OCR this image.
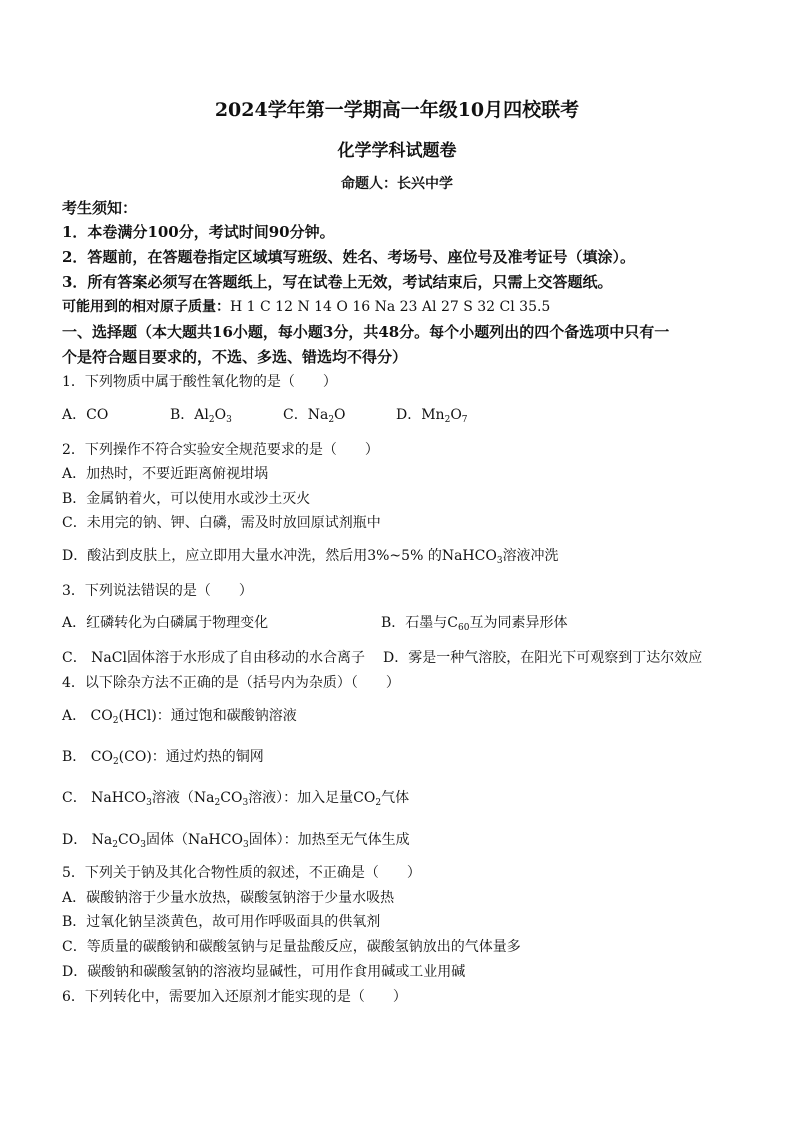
2024学年第一学期高一年级10月四校联考
化学学科试题卷
命题人：长兴中学
考生须知：
1．本卷满分100分，考试时间90分钟。
2．答题前，在答题卷指定区域填写班级、姓名、考场号、座位号及准考证号（填涂）。
3．所有答案必须写在答题纸上，写在试卷上无效，考试结束后，只需上交答题纸。
可能用到的相对原子质量：H 1 C 12 N 14 O 16 Na 23 Al 27 S 32 Cl 35.5
一、选择题（本大题共16小题，每小题3分，共48分。每个小题列出的四个备选项中只有一
个是符合题目要求的，不选、多选、错选均不得分）
1．下列物质中属于酸性氧化物的是（　　）
A．CO	B．$Al_2O_3$	C．$Na_2O$	D．$Mn_2O_7$
2．下列操作不符合实验安全规范要求的是（　　）
A．加热时，不要近距离俯视坩埚
B．金属钠着火，可以使用水或沙土灭火
C．未用完的钠、钾、白磷，需及时放回原试剂瓶中
D．酸沾到皮肤上，应立即用大量水冲洗，然后用3%~5% 的NaHCO$_3$溶液冲洗
3．下列说法错误的是（　　）
A．红磷转化为白磷属于物理变化	B．石墨与$C_{60}$互为同素异形体
C． NaCl固体溶于水形成了自由移动的水合离子 D．雾是一种气溶胶，在阳光下可观察到丁达尔效应
4．以下除杂方法不正确的是（括号内为杂质）（　　）
A． $CO_2(HCl)$：通过饱和碳酸钠溶液
B． $CO_2(CO)$：通过灼热的铜网
C． NaHCO$_3$溶液（$Na_2CO_3$溶液）：加入足量$CO_2$气体
D． $Na_2CO_3$固体（NaHCO$_3$固体）：加热至无气体生成
5．下列关于钠及其化合物性质的叙述，不正确是（　　）
A．碳酸钠溶于少量水放热，碳酸氢钠溶于少量水吸热
B．过氧化钠呈淡黄色，故可用作呼吸面具的供氧剂
C．等质量的碳酸钠和碳酸氢钠与足量盐酸反应，碳酸氢钠放出的气体量多
D．碳酸钠和碳酸氢钠的溶液均显碱性，可用作食用碱或工业用碱
6．下列转化中，需要加入还原剂才能实现的是（　　）
